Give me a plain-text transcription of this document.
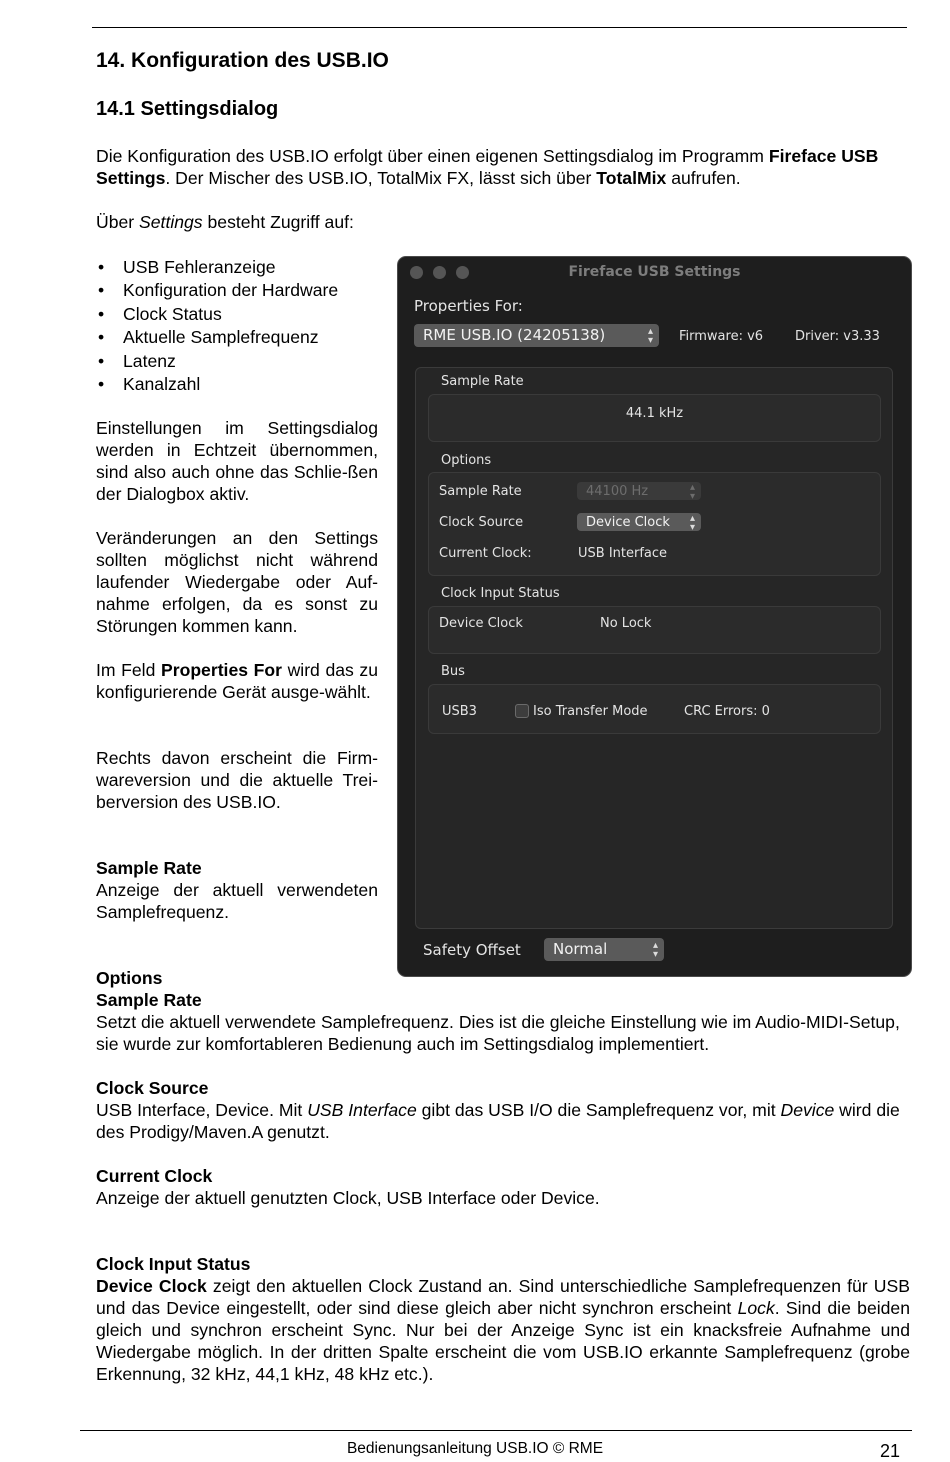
14. Konfiguration des USB.IO
14.1 Settingsdialog
Die Konfiguration des USB.IO erfolgt über einen eigenen Settingsdialog im Programm Fireface USB Settings. Der Mischer des USB.IO, TotalMix FX, lässt sich über TotalMix aufrufen.
Über Settings besteht Zugriff auf:
• USB Fehleranzeige
• Konfiguration der Hardware
• Clock Status
• Aktuelle Samplefrequenz
• Latenz
• Kanalzahl
Einstellungen im Settingsdialog werden in Echtzeit übernommen, sind also auch ohne das Schlie-ßen der Dialogbox aktiv.
Veränderungen an den Settings sollten möglichst nicht während laufender Wiedergabe oder Auf-nahme erfolgen, da es sonst zu Störungen kommen kann.
Im Feld Properties For wird das zu konfigurierende Gerät ausge-wählt.
Rechts davon erscheint die Firm-wareversion und die aktuelle Trei-berversion des USB.IO.
Sample Rate
Anzeige der aktuell verwendeten Samplefrequenz.
Options
Sample Rate
Setzt die aktuell verwendete Samplefrequenz. Dies ist die gleiche Einstellung wie im Audio-MIDI-Setup, sie wurde zur komfortableren Bedienung auch im Settingsdialog implementiert.
Clock Source
USB Interface, Device. Mit USB Interface gibt das USB I/O die Samplefrequenz vor, mit Device wird die des Prodigy/Maven.A genutzt.
Current Clock
Anzeige der aktuell genutzten Clock, USB Interface oder Device.
Clock Input Status
Device Clock zeigt den aktuellen Clock Zustand an. Sind unterschiedliche Samplefrequenzen für USB und das Device eingestellt, oder sind diese gleich aber nicht synchron erscheint Lock. Sind die beiden gleich und synchron erscheint Sync. Nur bei der Anzeige Sync ist ein knacksfreie Aufnahme und Wiedergabe möglich. In der dritten Spalte erscheint die vom USB.IO erkannte Samplefrequenz (grobe Erkennung, 32 kHz, 44,1 kHz, 48 kHz etc.).
Fireface USB Settings
Properties For:
RME USB.IO (24205138)	▴
▾ Firmware: v6 Driver: v3.33
Sample Rate
44.1 kHz
Options
Sample Rate	44100 Hz	▴
▾
Clock Source	Device Clock ▴
▾
Current Clock:	USB Interface
Clock Input Status
Device Clock	No Lock
Bus
USB3	Iso Transfer Mode	CRC Errors: 0
Safety Offset Normal	▴
▾
Bedienungsanleitung USB.IO © RME	21
